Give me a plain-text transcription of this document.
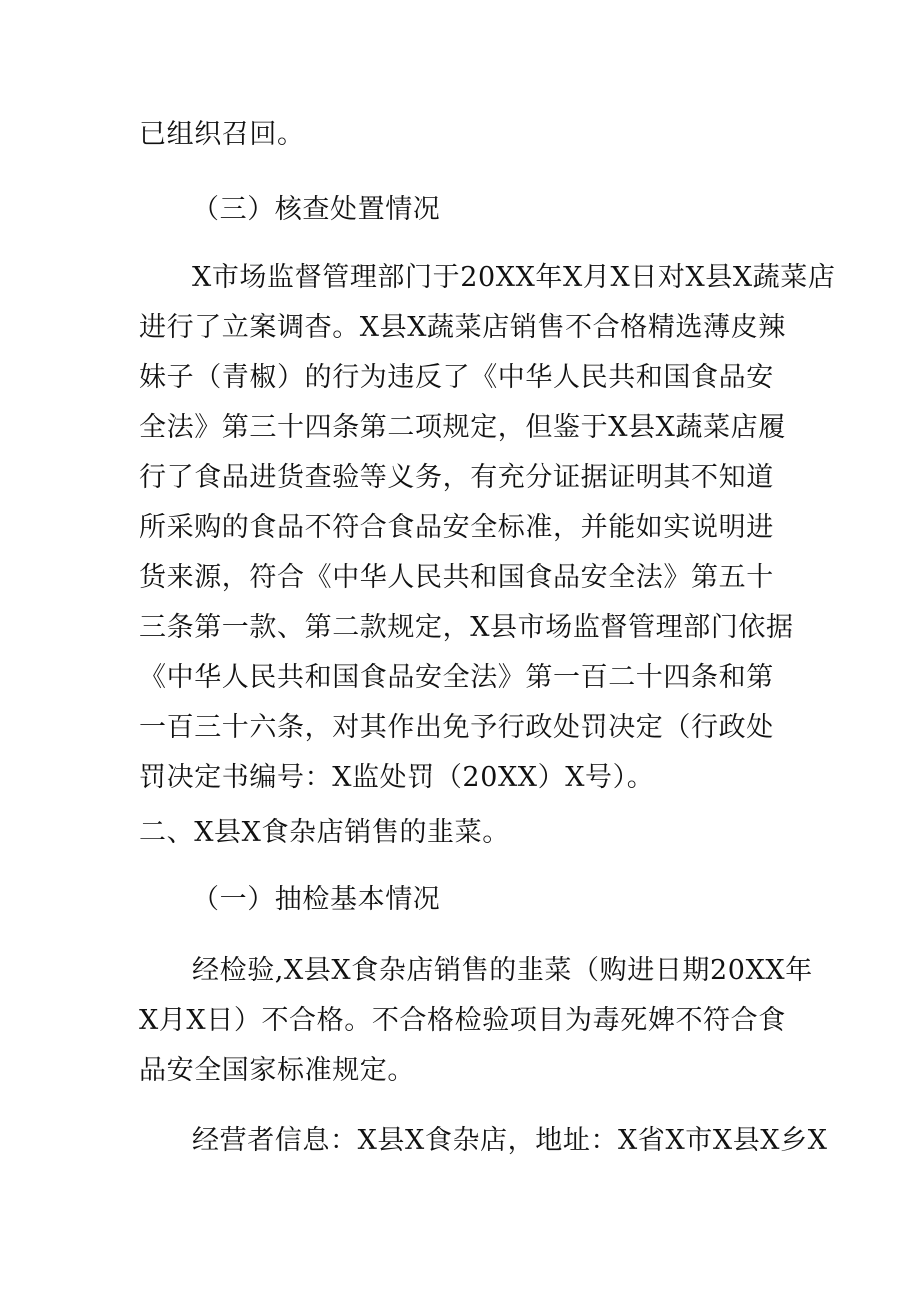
已组织召回。
（三）核查处置情况
X市场监督管理部门于20XX年X月X日对X县X蔬菜店
进行了立案调杳。X县X蔬菜店销售不合格精选薄皮辣
妹子（青椒）的行为违反了《中华人民共和国食品安
全法》第三十四条第二项规定，但鉴于X县X蔬菜店履
行了食品进货查验等义务，有充分证据证明其不知道
所采购的食品不符合食品安全标准，并能如实说明进
货来源，符合《中华人民共和国食品安全法》第五十
三条第一款、第二款规定，X县市场监督管理部门依据
《中华人民共和国食品安全法》第一百二十四条和第
一百三十六条，对其作出免予行政处罚决定（行政处
罚决定书编号：X监处罚（20XX）X号）。
二、X县X食杂店销售的韭菜。
（一）抽检基本情况
经检验,X县X食杂店销售的韭菜（购进日期20XX年
X月X日）不合格。不合格检验项目为毒死婢不符合食
品安全国家标准规定。
经营者信息：X县X食杂店，地址：X省X市X县X乡X
